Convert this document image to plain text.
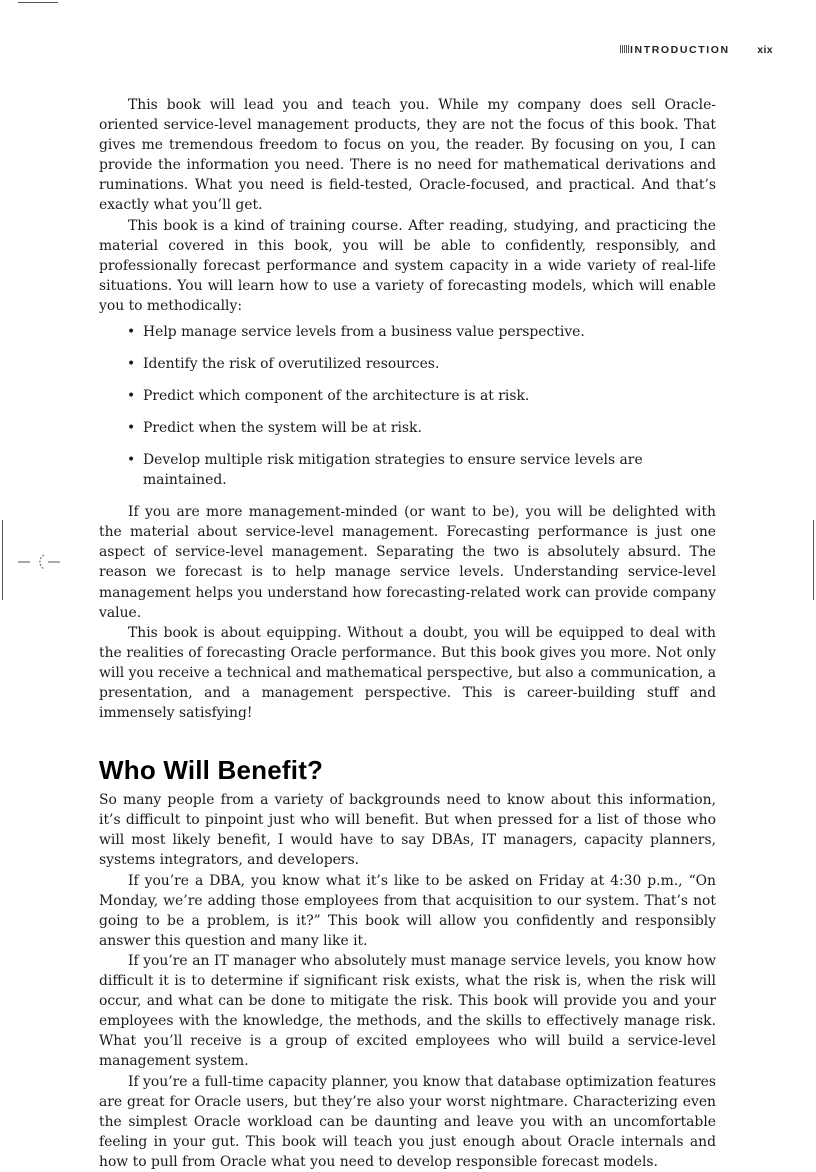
INTRODUCTION	xix

This book will lead you and teach you. While my company does sell Oracle-oriented service-level management products, they are not the focus of this book. That gives me tremendous freedom to focus on you, the reader. By focusing on you, I can provide the information you need. There is no need for mathematical derivations and ruminations. What you need is field-tested, Oracle-focused, and practical. And that’s exactly what you’ll get.

This book is a kind of training course. After reading, studying, and practicing the material covered in this book, you will be able to confidently, responsibly, and professionally forecast performance and system capacity in a wide variety of real-life situations. You will learn how to use a variety of forecasting models, which will enable you to methodically:

• Help manage service levels from a business value perspective.
• Identify the risk of overutilized resources.
• Predict which component of the architecture is at risk.
• Predict when the system will be at risk.
• Develop multiple risk mitigation strategies to ensure service levels are maintained.

If you are more management-minded (or want to be), you will be delighted with the material about service-level management. Forecasting performance is just one aspect of service-level management. Separating the two is absolutely absurd. The reason we forecast is to help manage service levels. Understanding service-level management helps you understand how forecasting-related work can provide company value.

This book is about equipping. Without a doubt, you will be equipped to deal with the realities of forecasting Oracle performance. But this book gives you more. Not only will you receive a technical and mathematical perspective, but also a communication, a presentation, and a management perspective. This is career-building stuff and immensely satisfying!

Who Will Benefit?

So many people from a variety of backgrounds need to know about this information, it’s difficult to pinpoint just who will benefit. But when pressed for a list of those who will most likely benefit, I would have to say DBAs, IT managers, capacity planners, systems integrators, and developers.

If you’re a DBA, you know what it’s like to be asked on Friday at 4:30 p.m., “On Monday, we’re adding those employees from that acquisition to our system. That’s not going to be a problem, is it?” This book will allow you confidently and responsibly answer this question and many like it.

If you’re an IT manager who absolutely must manage service levels, you know how difficult it is to determine if significant risk exists, what the risk is, when the risk will occur, and what can be done to mitigate the risk. This book will provide you and your employees with the knowledge, the methods, and the skills to effectively manage risk. What you’ll receive is a group of excited employees who will build a service-level management system.

If you’re a full-time capacity planner, you know that database optimization features are great for Oracle users, but they’re also your worst nightmare. Characterizing even the simplest Oracle workload can be daunting and leave you with an uncomfortable feeling in your gut. This book will teach you just enough about Oracle internals and how to pull from Oracle what you need to develop responsible forecast models.
